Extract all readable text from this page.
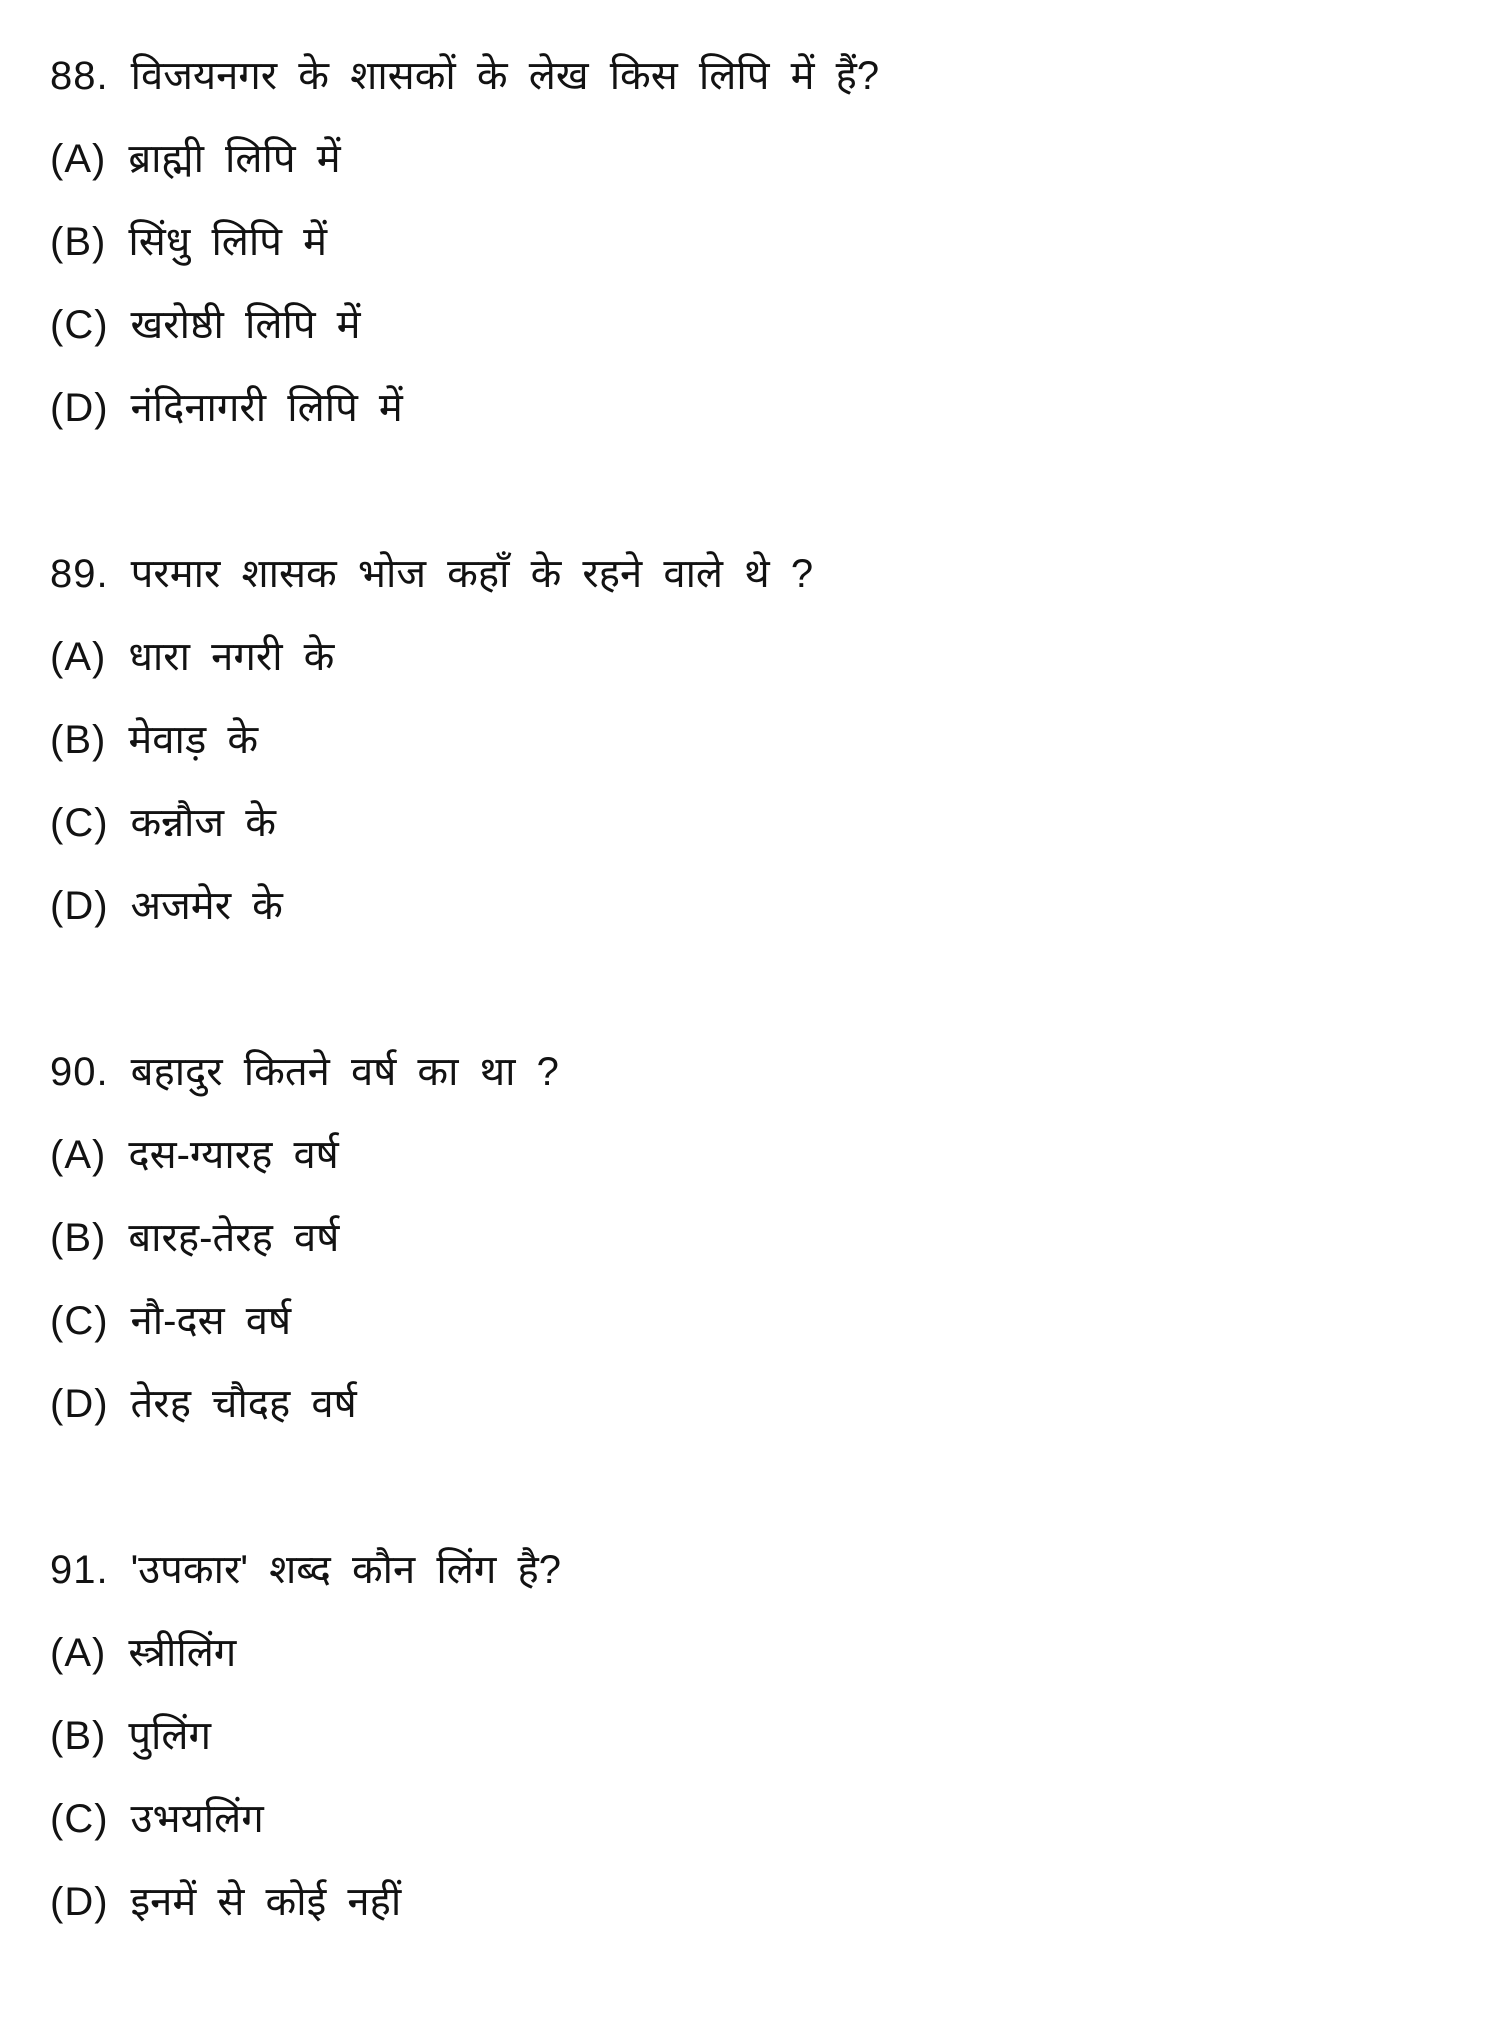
88. विजयनगर के शासकों के लेख किस लिपि में हैं?
(A) ब्राह्मी लिपि में
(B) सिंधु लिपि में
(C) खरोष्ठी लिपि में
(D) नंदिनागरी लिपि में
89. परमार शासक भोज कहाँ के रहने वाले थे ?
(A) धारा नगरी के
(B) मेवाड़ के
(C) कन्नौज के
(D) अजमेर के
90. बहादुर कितने वर्ष का था ?
(A) दस-ग्यारह वर्ष
(B) बारह-तेरह वर्ष
(C) नौ-दस वर्ष
(D) तेरह चौदह वर्ष
91. 'उपकार' शब्द कौन लिंग है?
(A) स्त्रीलिंग
(B) पुलिंग
(C) उभयलिंग
(D) इनमें से कोई नहीं
